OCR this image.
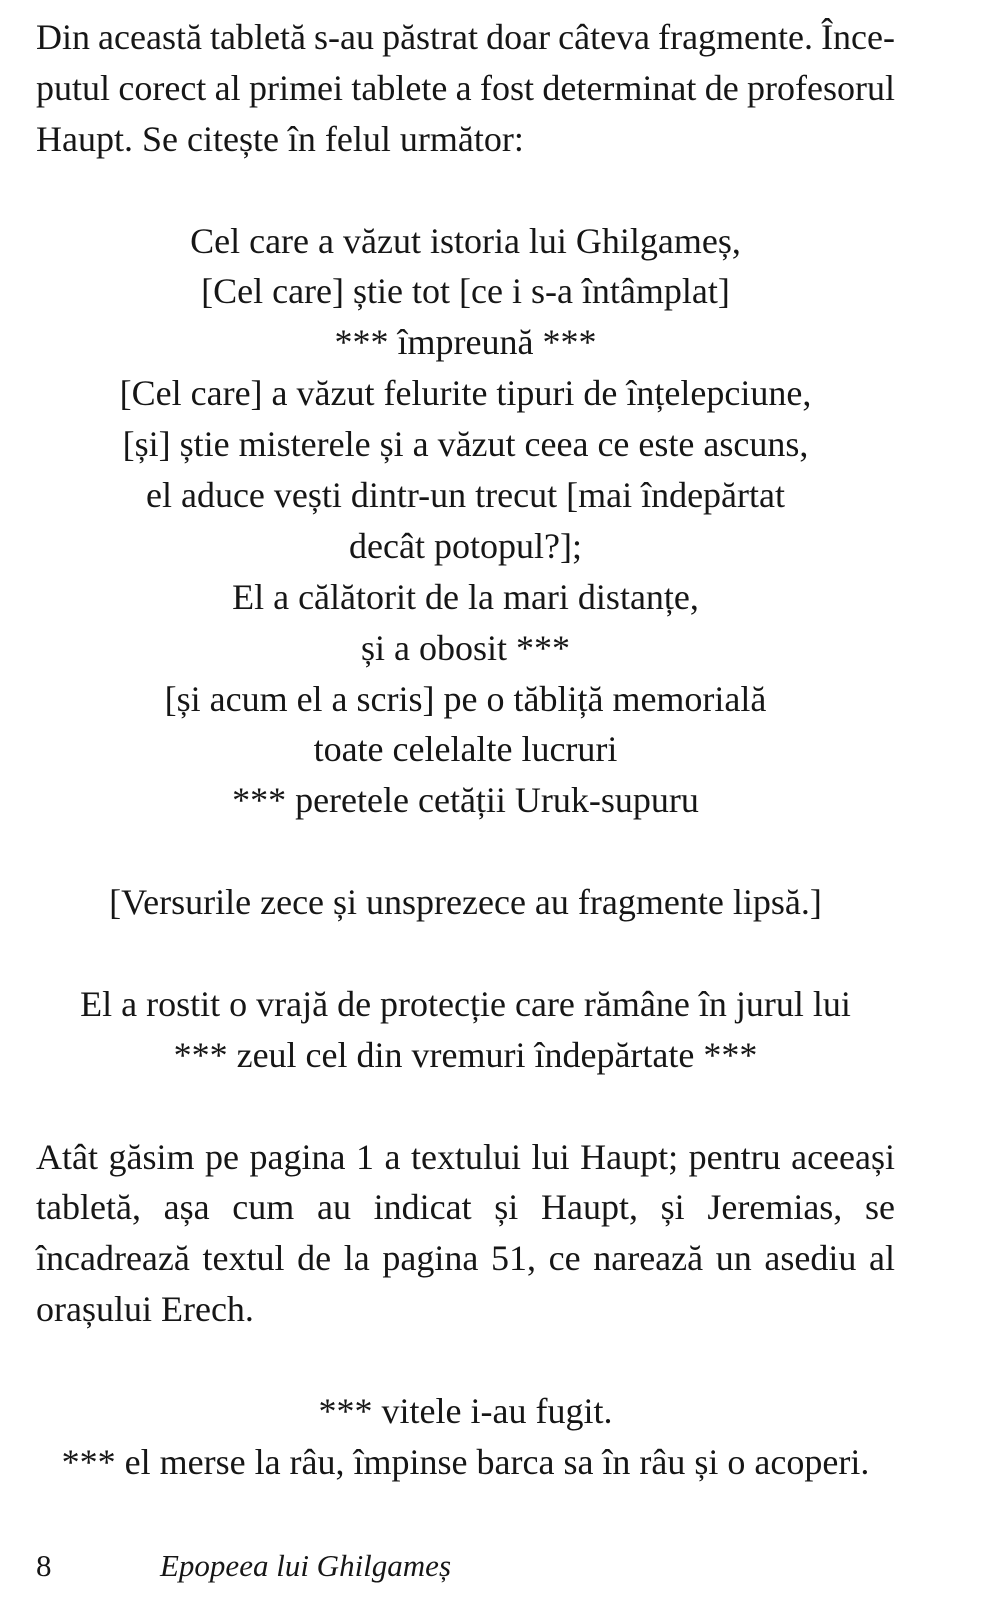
Din această tabletă s-au păstrat doar câteva fragmente. Înce-
putul corect al primei tablete a fost determinat de profesorul
Haupt. Se citește în felul următor:
Cel care a văzut istoria lui Ghilgameș,
[Cel care] știe tot [ce i s-a întâmplat]
*** împreună ***
[Cel care] a văzut felurite tipuri de înțelepciune,
[și] știe misterele și a văzut ceea ce este ascuns,
el aduce vești dintr-un trecut [mai îndepărtat
decât potopul?];
El a călătorit de la mari distanțe,
și a obosit ***
[și acum el a scris] pe o tăbliță memorială
toate celelalte lucruri
*** peretele cetății Uruk-supuru
[Versurile zece și unsprezece au fragmente lipsă.]
El a rostit o vrajă de protecție care rămâne în jurul lui
*** zeul cel din vremuri îndepărtate ***
Atât găsim pe pagina 1 a textului lui Haupt; pentru aceeași
tabletă, așa cum au indicat și Haupt, și Jeremias, se
încadrează textul de la pagina 51, ce narează un asediu al
orașului Erech.
*** vitele i-au fugit.
*** el merse la râu, împinse barca sa în râu și o acoperi.
8	Epopeea lui Ghilgameș
